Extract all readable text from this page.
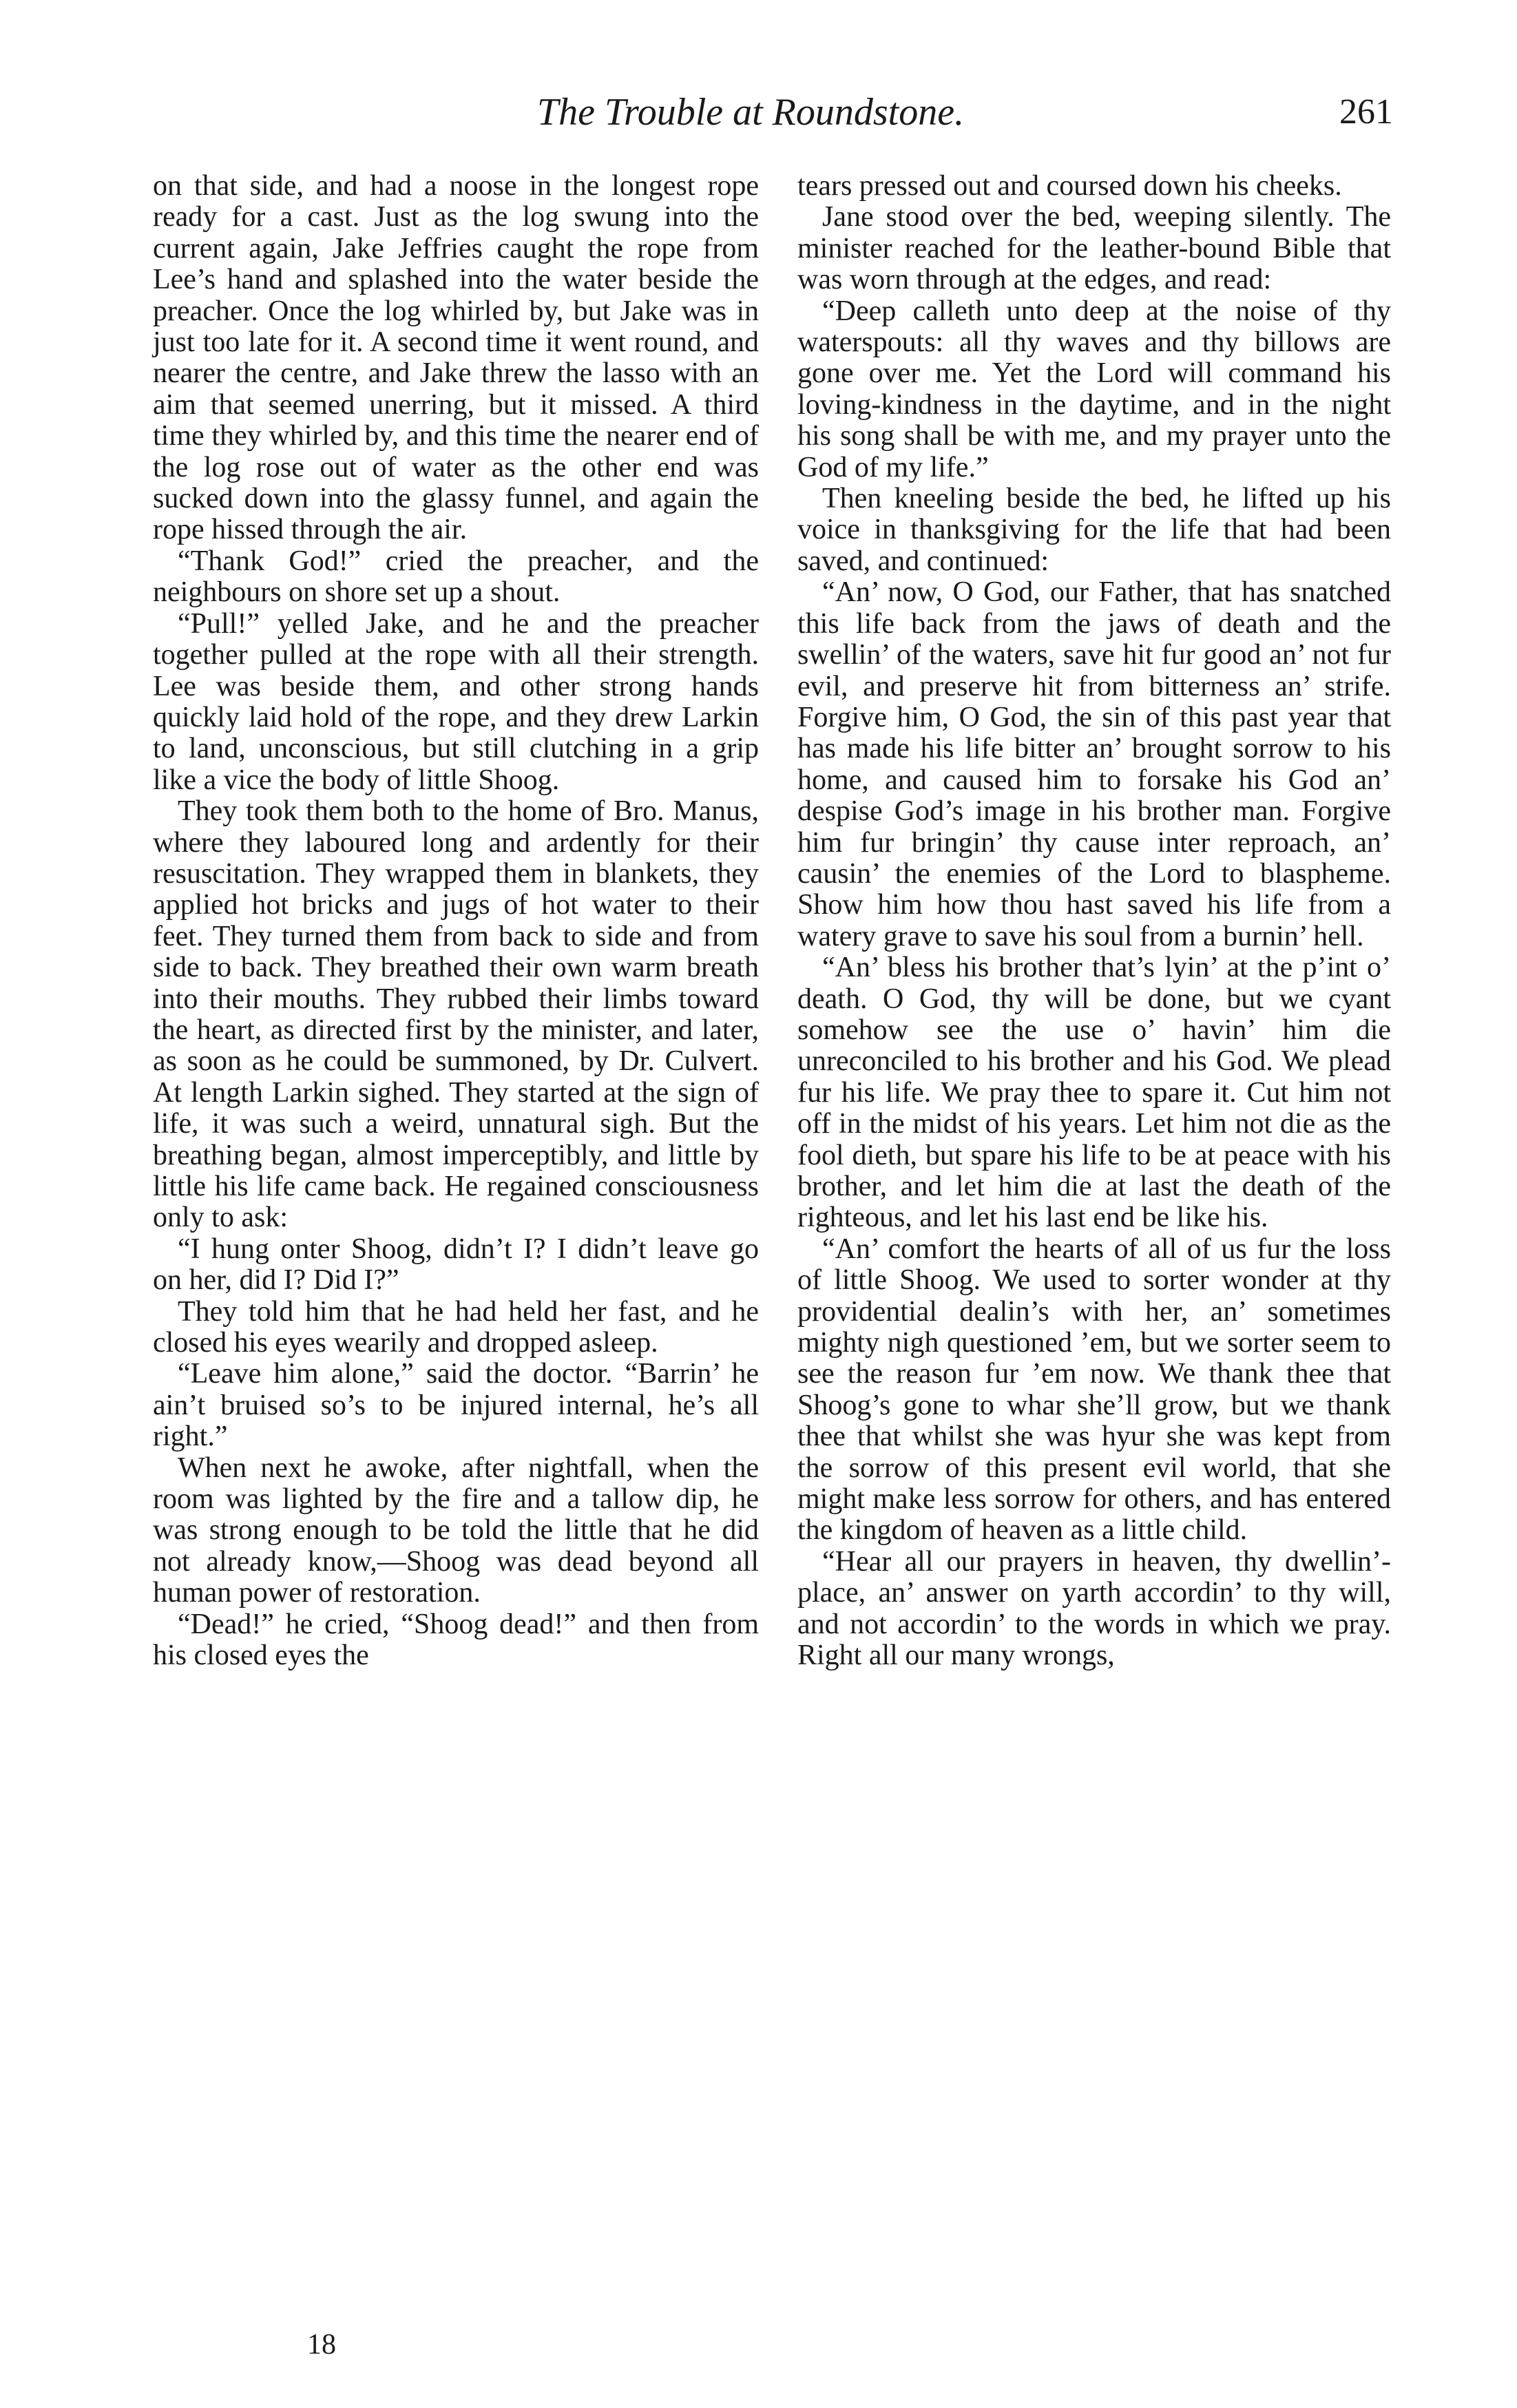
The Trouble at Roundstone.	261

on that side, and had a noose in the longest rope ready for a cast. Just as the log swung into the current again, Jake Jeffries caught the rope from Lee’s hand and splashed into the water beside the preacher. Once the log whirled by, but Jake was in just too late for it. A second time it went round, and nearer the centre, and Jake threw the lasso with an aim that seemed unerring, but it missed. A third time they whirled by, and this time the nearer end of the log rose out of water as the other end was sucked down into the glassy funnel, and again the rope hissed through the air.

“Thank God!” cried the preacher, and the neighbours on shore set up a shout.

“Pull!” yelled Jake, and he and the preacher together pulled at the rope with all their strength. Lee was beside them, and other strong hands quickly laid hold of the rope, and they drew Larkin to land, unconscious, but still clutching in a grip like a vice the body of little Shoog.

They took them both to the home of Bro. Manus, where they laboured long and ardently for their resuscitation. They wrapped them in blankets, they applied hot bricks and jugs of hot water to their feet. They turned them from back to side and from side to back. They breathed their own warm breath into their mouths. They rubbed their limbs toward the heart, as directed first by the minister, and later, as soon as he could be summoned, by Dr. Culvert. At length Larkin sighed. They started at the sign of life, it was such a weird, unnatural sigh. But the breathing began, almost imperceptibly, and little by little his life came back. He regained consciousness only to ask:

“I hung onter Shoog, didn’t I? I didn’t leave go on her, did I? Did I?”

They told him that he had held her fast, and he closed his eyes wearily and dropped asleep.

“Leave him alone,” said the doctor. “Barrin’ he ain’t bruised so’s to be injured internal, he’s all right.”

When next he awoke, after nightfall, when the room was lighted by the fire and a tallow dip, he was strong enough to be told the little that he did not already know,—Shoog was dead beyond all human power of restoration.

“Dead!” he cried, “Shoog dead!” and then from his closed eyes the

tears pressed out and coursed down his cheeks.

Jane stood over the bed, weeping silently. The minister reached for the leather-bound Bible that was worn through at the edges, and read:

“Deep calleth unto deep at the noise of thy waterspouts: all thy waves and thy billows are gone over me. Yet the Lord will command his loving-kindness in the daytime, and in the night his song shall be with me, and my prayer unto the God of my life.”

Then kneeling beside the bed, he lifted up his voice in thanksgiving for the life that had been saved, and continued:

“An’ now, O God, our Father, that has snatched this life back from the jaws of death and the swellin’ of the waters, save hit fur good an’ not fur evil, and preserve hit from bitterness an’ strife. Forgive him, O God, the sin of this past year that has made his life bitter an’ brought sorrow to his home, and caused him to forsake his God an’ despise God’s image in his brother man. Forgive him fur bringin’ thy cause inter reproach, an’ causin’ the enemies of the Lord to blaspheme. Show him how thou hast saved his life from a watery grave to save his soul from a burnin’ hell.

“An’ bless his brother that’s lyin’ at the p’int o’ death. O God, thy will be done, but we cyant somehow see the use o’ havin’ him die unreconciled to his brother and his God. We plead fur his life. We pray thee to spare it. Cut him not off in the midst of his years. Let him not die as the fool dieth, but spare his life to be at peace with his brother, and let him die at last the death of the righteous, and let his last end be like his.

“An’ comfort the hearts of all of us fur the loss of little Shoog. We used to sorter wonder at thy providential dealin’s with her, an’ sometimes mighty nigh questioned ’em, but we sorter seem to see the reason fur ’em now. We thank thee that Shoog’s gone to whar she’ll grow, but we thank thee that whilst she was hyur she was kept from the sorrow of this present evil world, that she might make less sorrow for others, and has entered the kingdom of heaven as a little child.

“Hear all our prayers in heaven, thy dwellin’-place, an’ answer on yarth accordin’ to thy will, and not accordin’ to the words in which we pray. Right all our many wrongs,

18
